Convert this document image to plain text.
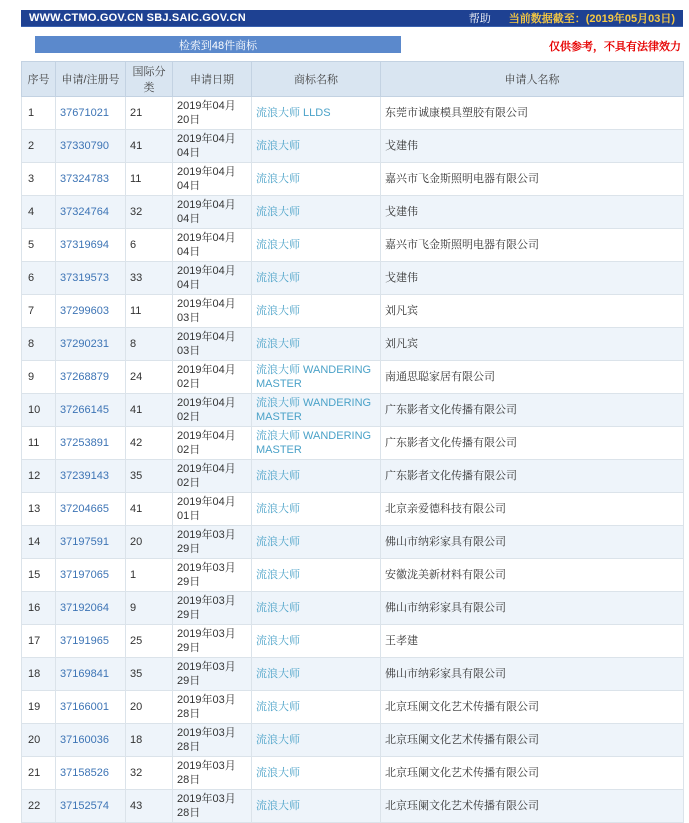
WWW.CTMO.GOV.CN SBJ.SAIC.GOV.CN	帮助 当前数据截至：(2019年05月03日)
检索到48件商标	仅供参考，不具有法律效力
序号	申请/注册号	国际分类	申请日期	商标名称	申请人名称
1	37671021	21	2019年04月20日	流浪大师 LLDS	东莞市诚康模具塑胶有限公司
2	37330790	41	2019年04月04日	流浪大师	戈建伟
3	37324783	11	2019年04月04日	流浪大师	嘉兴市飞金斯照明电器有限公司
4	37324764	32	2019年04月04日	流浪大师	戈建伟
5	37319694	6	2019年04月04日	流浪大师	嘉兴市飞金斯照明电器有限公司
6	37319573	33	2019年04月04日	流浪大师	戈建伟
7	37299603	11	2019年04月03日	流浪大师	刘凡宾
8	37290231	8	2019年04月03日	流浪大师	刘凡宾
9	37268879	24	2019年04月02日	流浪大师 WANDERING MASTER	南通思聪家居有限公司
10	37266145	41	2019年04月02日	流浪大师 WANDERING MASTER	广东影者文化传播有限公司
11	37253891	42	2019年04月02日	流浪大师 WANDERING MASTER	广东影者文化传播有限公司
12	37239143	35	2019年04月02日	流浪大师	广东影者文化传播有限公司
13	37204665	41	2019年04月01日	流浪大师	北京亲爱德科技有限公司
14	37197591	20	2019年03月29日	流浪大师	佛山市纳彩家具有限公司
15	37197065	1	2019年03月29日	流浪大师	安徽泷美新材料有限公司
16	37192064	9	2019年03月29日	流浪大师	佛山市纳彩家具有限公司
17	37191965	25	2019年03月29日	流浪大师	王孝建
18	37169841	35	2019年03月29日	流浪大师	佛山市纳彩家具有限公司
19	37166001	20	2019年03月28日	流浪大师	北京珏阑文化艺术传播有限公司
20	37160036	18	2019年03月28日	流浪大师	北京珏阑文化艺术传播有限公司
21	37158526	32	2019年03月28日	流浪大师	北京珏阑文化艺术传播有限公司
22	37152574	43	2019年03月28日	流浪大师	北京珏阑文化艺术传播有限公司
